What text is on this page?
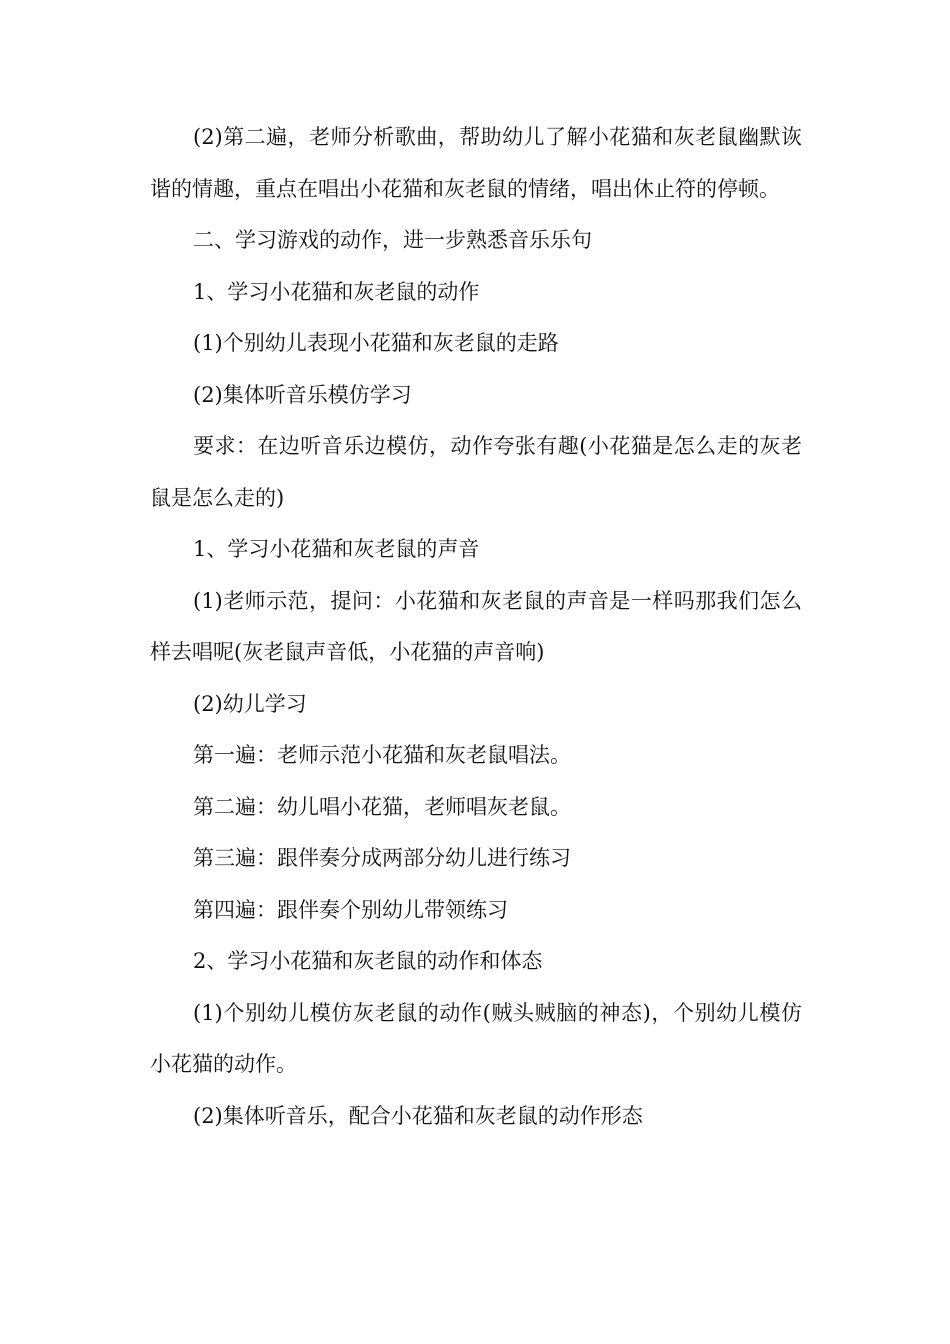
(2)第二遍，老师分析歌曲，帮助幼儿了解小花猫和灰老鼠幽默诙谐的情趣，重点在唱出小花猫和灰老鼠的情绪，唱出休止符的停顿。

二、学习游戏的动作，进一步熟悉音乐乐句

1、学习小花猫和灰老鼠的动作

(1)个别幼儿表现小花猫和灰老鼠的走路

(2)集体听音乐模仿学习

要求：在边听音乐边模仿，动作夸张有趣(小花猫是怎么走的灰老鼠是怎么走的)

1、学习小花猫和灰老鼠的声音

(1)老师示范，提问：小花猫和灰老鼠的声音是一样吗那我们怎么样去唱呢(灰老鼠声音低，小花猫的声音响)

(2)幼儿学习

第一遍：老师示范小花猫和灰老鼠唱法。

第二遍：幼儿唱小花猫，老师唱灰老鼠。

第三遍：跟伴奏分成两部分幼儿进行练习

第四遍：跟伴奏个别幼儿带领练习

2、学习小花猫和灰老鼠的动作和体态

(1)个别幼儿模仿灰老鼠的动作(贼头贼脑的神态)，个别幼儿模仿小花猫的动作。

(2)集体听音乐，配合小花猫和灰老鼠的动作形态
